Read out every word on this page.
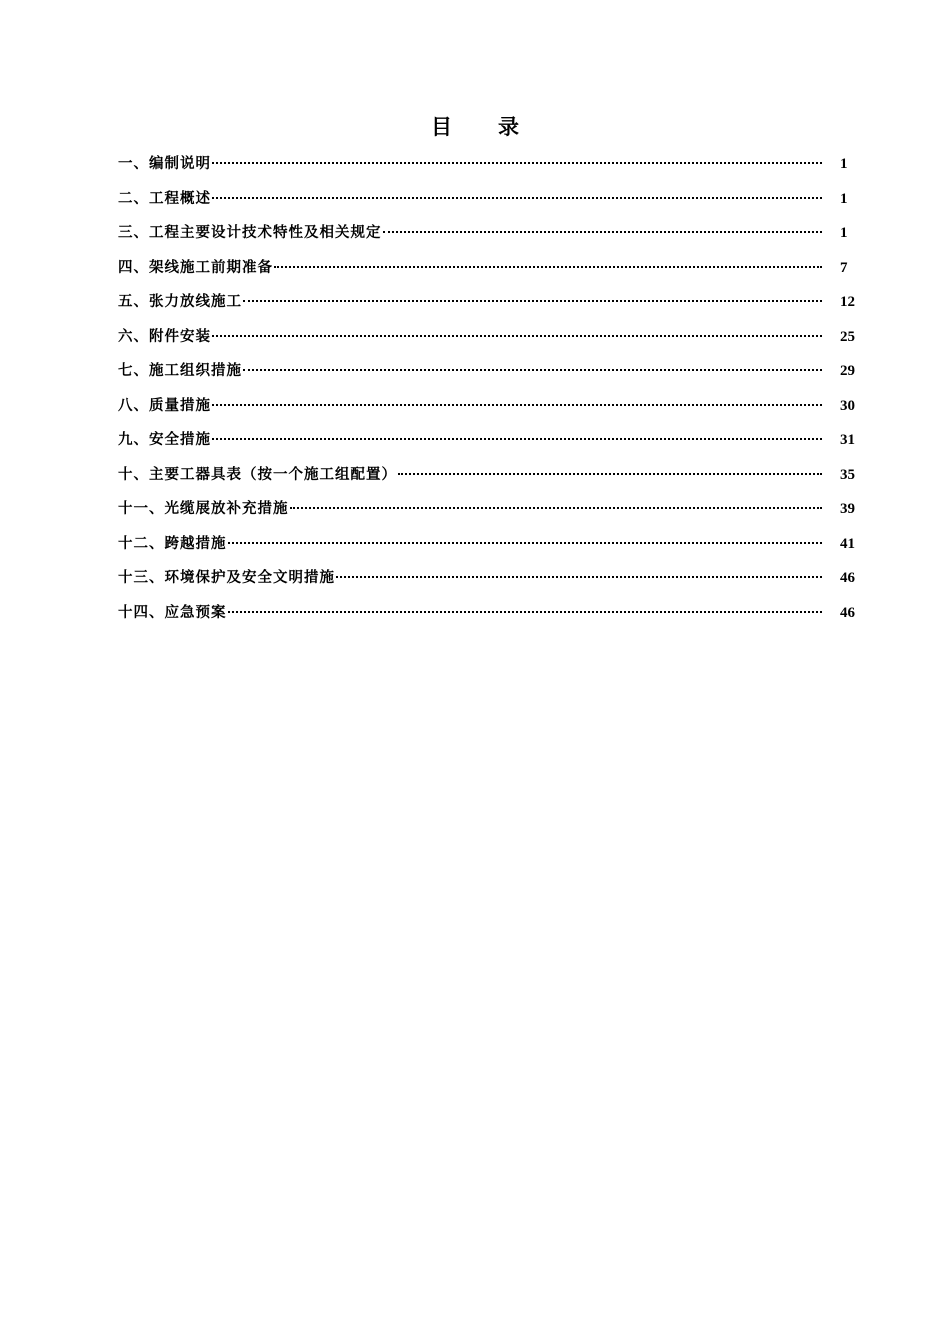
目 录
一、编制说明	1
二、工程概述	1
三、工程主要设计技术特性及相关规定	1
四、架线施工前期准备	7
五、张力放线施工	12
六、附件安装	25
七、施工组织措施	29
八、质量措施	30
九、安全措施	31
十、主要工器具表（按一个施工组配置）	35
十一、光缆展放补充措施	39
十二、跨越措施	41
十三、环境保护及安全文明措施	46
十四、应急预案	46
